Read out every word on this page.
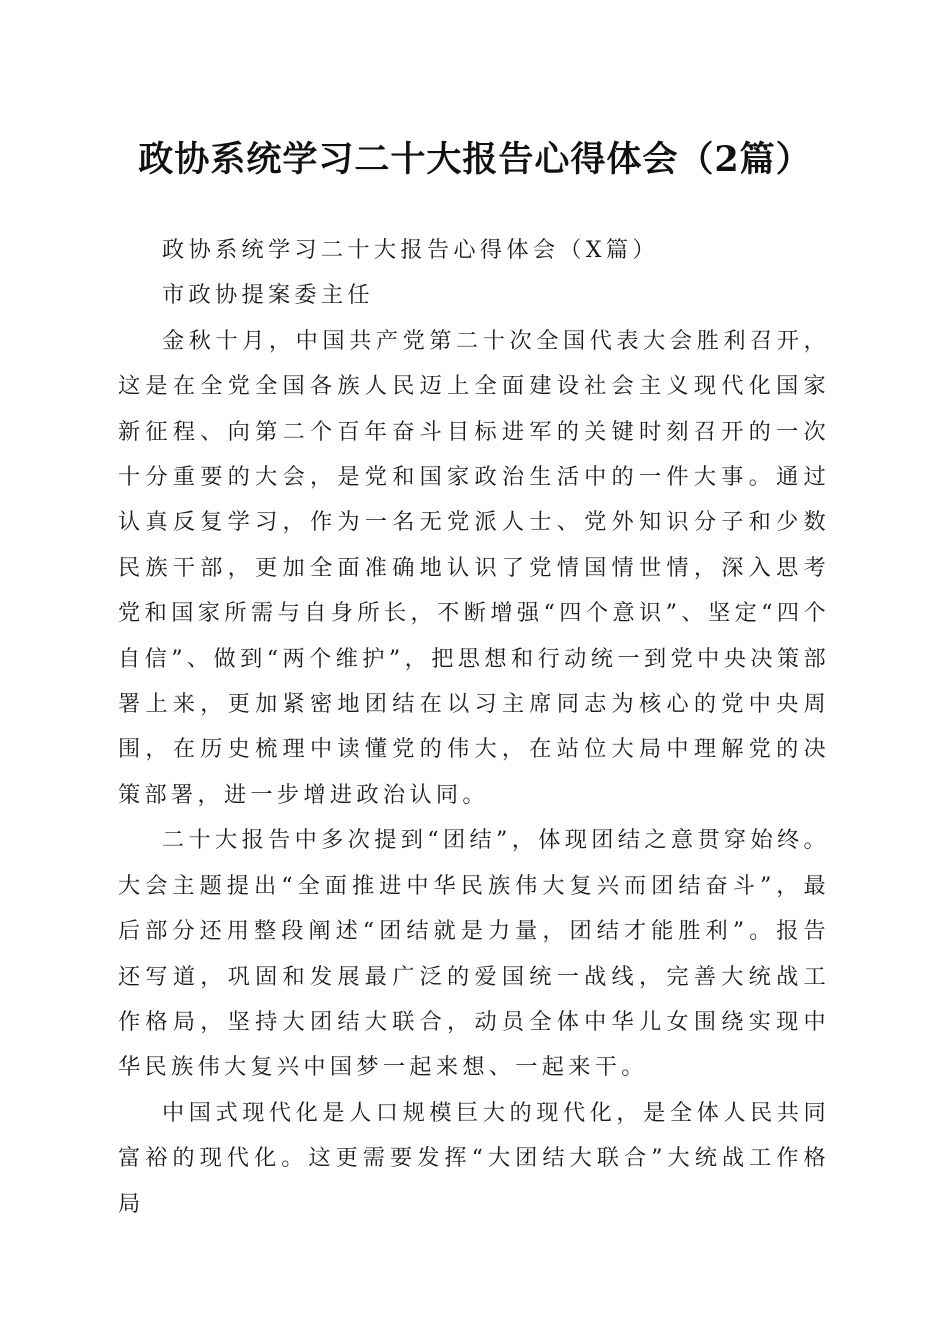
政协系统学习二十大报告心得体会（2篇）

政协系统学习二十大报告心得体会（X篇）

市政协提案委主任

金秋十月，中国共产党第二十次全国代表大会胜利召开，这是在全党全国各族人民迈上全面建设社会主义现代化国家新征程、向第二个百年奋斗目标进军的关键时刻召开的一次十分重要的大会，是党和国家政治生活中的一件大事。通过认真反复学习，作为一名无党派人士、党外知识分子和少数民族干部，更加全面准确地认识了党情国情世情，深入思考党和国家所需与自身所长，不断增强“四个意识”、坚定“四个自信”、做到“两个维护”，把思想和行动统一到党中央决策部署上来，更加紧密地团结在以习主席同志为核心的党中央周围，在历史梳理中读懂党的伟大，在站位大局中理解党的决策部署，进一步增进政治认同。

二十大报告中多次提到“团结”，体现团结之意贯穿始终。大会主题提出“全面推进中华民族伟大复兴而团结奋斗”，最后部分还用整段阐述“团结就是力量，团结才能胜利”。报告还写道，巩固和发展最广泛的爱国统一战线，完善大统战工作格局，坚持大团结大联合，动员全体中华儿女围绕实现中华民族伟大复兴中国梦一起来想、一起来干。

中国式现代化是人口规模巨大的现代化，是全体人民共同富裕的现代化。这更需要发挥“大团结大联合”大统战工作格局
